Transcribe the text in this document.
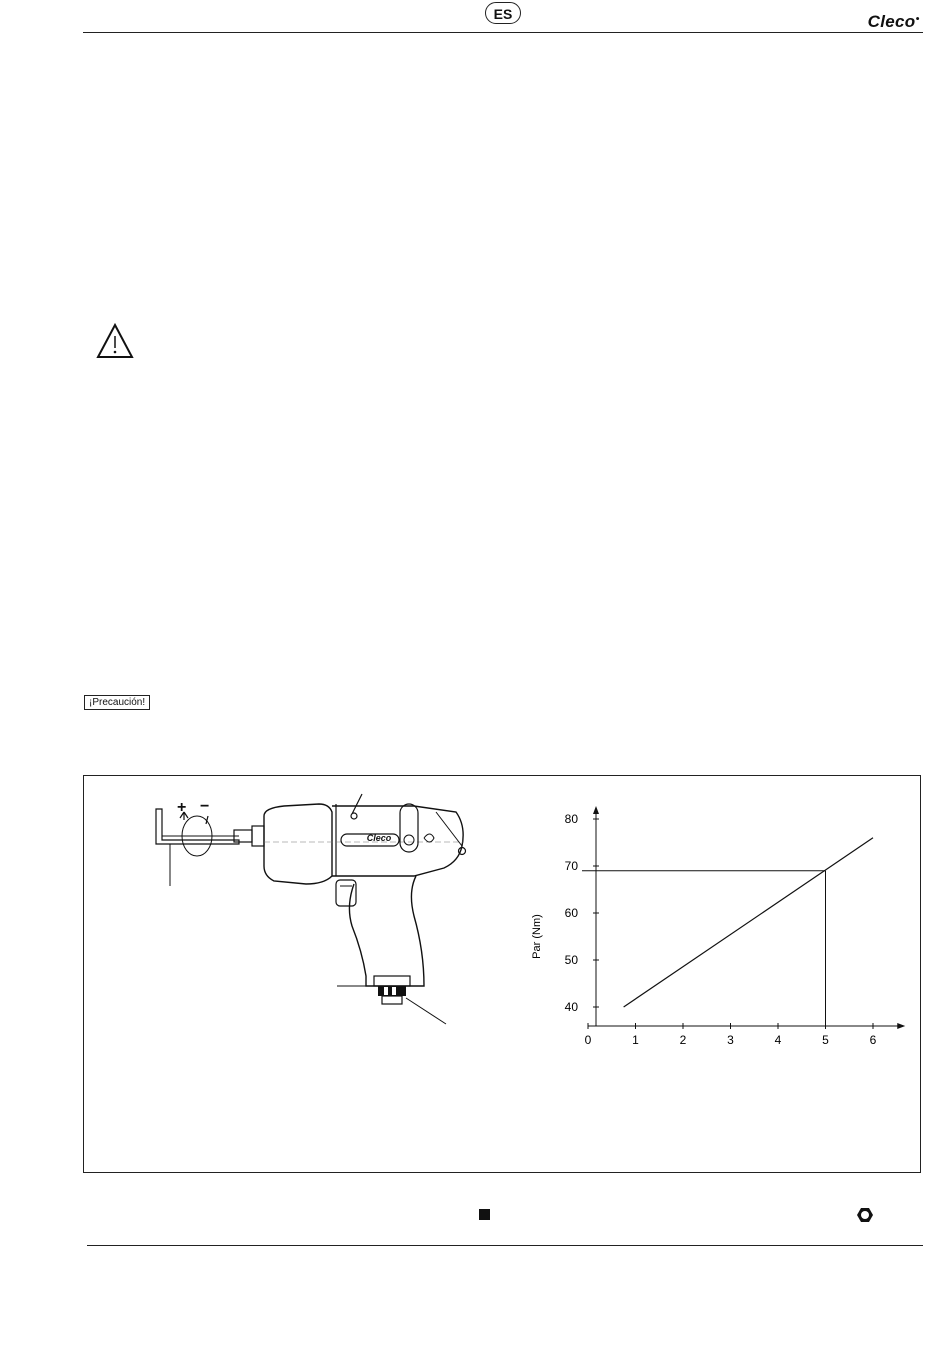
ES	Cleco●
¡Precaución!
+ −
Cleco
0	1	2	3	4	5	6
40
50
60
70
80
Par (Nm)
